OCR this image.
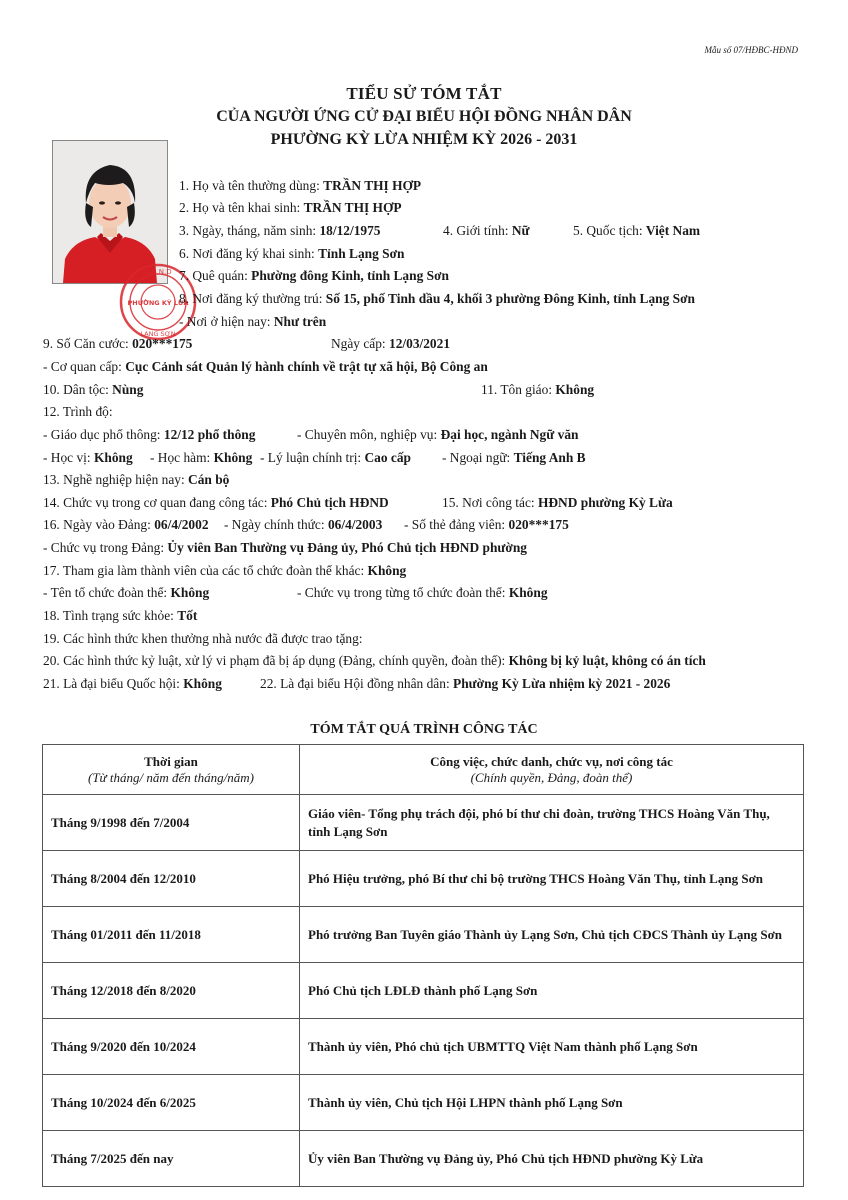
Mẫu số 07/HĐBC-HĐND
TIỂU SỬ TÓM TẮT
CỦA NGƯỜI ỨNG CỬ ĐẠI BIỂU HỘI ĐỒNG NHÂN DÂN
PHƯỜNG KỲ LỪA NHIỆM KỲ 2026 - 2031
Ủ.B.N.D
PHƯỜNG KỲ LỪA
LẠNG SƠN
1. Họ và tên thường dùng: TRẦN THỊ HỢP
2. Họ và tên khai sinh: TRẦN THỊ HỢP
3. Ngày, tháng, năm sinh: 18/12/1975	4. Giới tính: Nữ	5. Quốc tịch: Việt Nam
6. Nơi đăng ký khai sinh: Tỉnh Lạng Sơn
7. Quê quán: Phường đông Kinh, tỉnh Lạng Sơn
8. Nơi đăng ký thường trú: Số 15, phố Tinh dầu 4, khối 3 phường Đông Kinh, tỉnh Lạng Sơn
- Nơi ở hiện nay: Như trên
9. Số Căn cước: 020***175	Ngày cấp: 12/03/2021
- Cơ quan cấp: Cục Cảnh sát Quản lý hành chính về trật tự xã hội, Bộ Công an
10. Dân tộc: Nùng	11. Tôn giáo: Không
12. Trình độ:
- Giáo dục phổ thông: 12/12 phổ thông	- Chuyên môn, nghiệp vụ: Đại học, ngành Ngữ văn
- Học vị: Không - Học hàm: Không - Lý luận chính trị: Cao cấp - Ngoại ngữ: Tiếng Anh B
13. Nghề nghiệp hiện nay: Cán bộ
14. Chức vụ trong cơ quan đang công tác: Phó Chủ tịch HĐND	15. Nơi công tác: HĐND phường Kỳ Lừa
16. Ngày vào Đảng: 06/4/2002 - Ngày chính thức: 06/4/2003 - Số thẻ đảng viên: 020***175
- Chức vụ trong Đảng: Ủy viên Ban Thường vụ Đảng ủy, Phó Chủ tịch HĐND phường
17. Tham gia làm thành viên của các tổ chức đoàn thể khác: Không
- Tên tổ chức đoàn thể: Không	- Chức vụ trong từng tổ chức đoàn thể: Không
18. Tình trạng sức khỏe: Tốt
19. Các hình thức khen thưởng nhà nước đã được trao tặng:
20. Các hình thức kỷ luật, xử lý vi phạm đã bị áp dụng (Đảng, chính quyền, đoàn thể): Không bị kỷ luật, không có án tích
21. Là đại biểu Quốc hội: Không	22. Là đại biểu Hội đồng nhân dân: Phường Kỳ Lừa nhiệm kỳ 2021 - 2026
TÓM TẮT QUÁ TRÌNH CÔNG TÁC
Thời gian
(Từ tháng/ năm đến tháng/năm)	Công việc, chức danh, chức vụ, nơi công tác
(Chính quyền, Đảng, đoàn thể)

Tháng 9/1998 đến 7/2004	Giáo viên- Tổng phụ trách đội, phó bí thư chi đoàn, trường THCS Hoàng Văn Thụ, tỉnh Lạng Sơn
Tháng 8/2004 đến 12/2010	Phó Hiệu trưởng, phó Bí thư chi bộ trường THCS Hoàng Văn Thụ, tỉnh Lạng Sơn
Tháng 01/2011 đến 11/2018	Phó trưởng Ban Tuyên giáo Thành ủy Lạng Sơn, Chủ tịch CĐCS Thành ủy Lạng Sơn
Tháng 12/2018 đến 8/2020	Phó Chủ tịch LĐLĐ thành phố Lạng Sơn
Tháng 9/2020 đến 10/2024	Thành ủy viên, Phó chủ tịch UBMTTQ Việt Nam thành phố Lạng Sơn
Tháng 10/2024 đến 6/2025	Thành ủy viên, Chủ tịch Hội LHPN thành phố Lạng Sơn
Tháng 7/2025 đến nay	Ủy viên Ban Thường vụ Đảng ủy, Phó Chủ tịch HĐND phường Kỳ Lừa
